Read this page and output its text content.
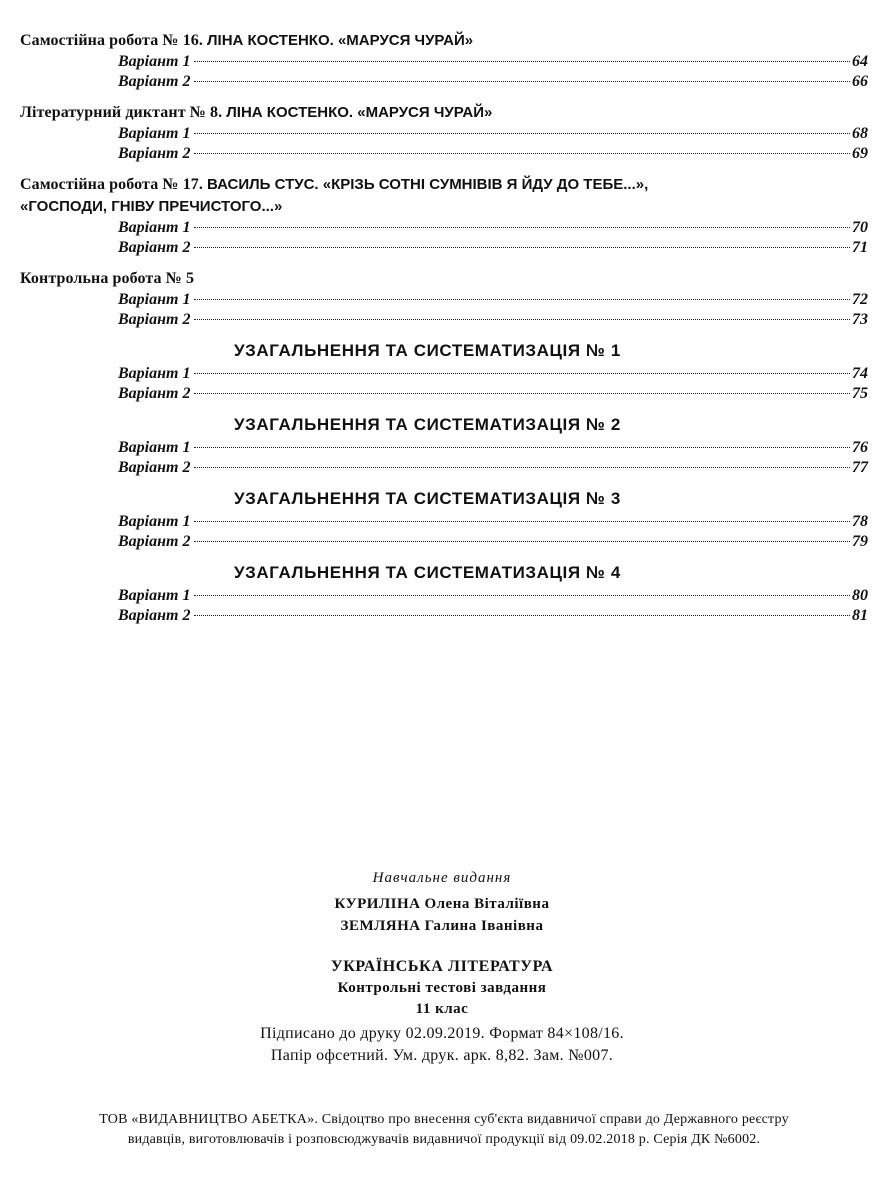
Самостійна робота № 16. ЛІНА КОСТЕНКО. «МАРУСЯ ЧУРАЙ»
Варіант 1	64
Варіант 2	66
Літературний диктант № 8. ЛІНА КОСТЕНКО. «МАРУСЯ ЧУРАЙ»
Варіант 1	68
Варіант 2	69
Самостійна робота № 17. ВАСИЛЬ СТУС. «КРІЗЬ СОТНІ СУМНІВІВ Я ЙДУ ДО ТЕБЕ...»,
«ГОСПОДИ, ГНІВУ ПРЕЧИСТОГО...»
Варіант 1	70
Варіант 2	71
Контрольна робота № 5
Варіант 1	72
Варіант 2	73
УЗАГАЛЬНЕННЯ ТА СИСТЕМАТИЗАЦІЯ № 1
Варіант 1	74
Варіант 2	75
УЗАГАЛЬНЕННЯ ТА СИСТЕМАТИЗАЦІЯ № 2
Варіант 1	76
Варіант 2	77
УЗАГАЛЬНЕННЯ ТА СИСТЕМАТИЗАЦІЯ № 3
Варіант 1	78
Варіант 2	79
УЗАГАЛЬНЕННЯ ТА СИСТЕМАТИЗАЦІЯ № 4
Варіант 1	80
Варіант 2	81
Навчальне видання
КУРИЛІНА Олена Віталіївна
ЗЕМЛЯНА Галина Іванівна
УКРАЇНСЬКА ЛІТЕРАТУРА
Контрольні тестові завдання
11 клас
Підписано до друку 02.09.2019. Формат 84×108/16.
Папір офсетний. Ум. друк. арк. 8,82. Зам. №007.
ТОВ «ВИДАВНИЦТВО АБЕТКА». Свідоцтво про внесення суб'єкта видавничої справи до Державного реєстру
видавців, виготовлювачів і розповсюджувачів видавничої продукції від 09.02.2018 р. Серія ДК №6002.
